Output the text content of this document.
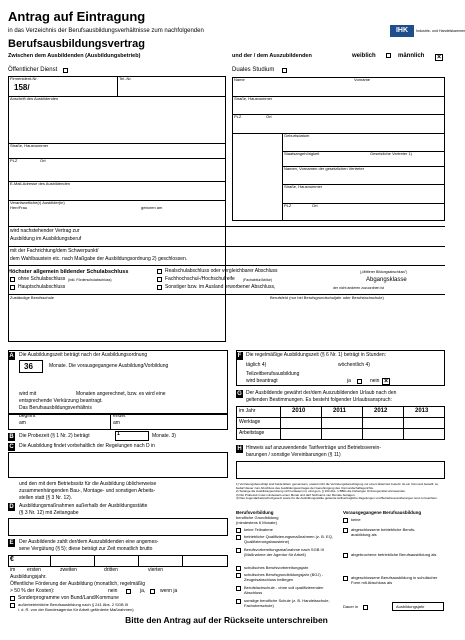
Antrag auf Eintragung
in das Verzeichnis der Berufsausbildungsverhältnisse zum nachfolgenden	IHK	Industrie- und Handelskammer
Berufsausbildungsvertrag
Zwischen dem Ausbildenden (Ausbildungsbetrieb)	und der / dem Auszubildenden	weiblich	männlich ×
Öffentlicher Dienst
Firmenident-Nr.
158/
Tel.-Nr.
Anschrift des Ausbildenden
Straße, Hausnummer
PLZ	Ort
E-Mail-Adresse des Ausbildenden
Verantwortliche(r) Ausbilder(in)
Herr/Frau	geboren am
Duales Studium
Name	Vorname
Straße, Hausnummer
PLZ	Ort
Geburtsdatum
Staatsangehörigkeit	Gesetzliche Vertreter 1)
Namen, Vornamen der gesetzlichen Vertreter
Straße, Hausnummer
PLZ	Ort
wird nachstehender Vertrag zur
Ausbildung im Ausbildungsberuf
mit der Fachrichtung/dem Schwerpunkt/
dem Wahlbaustein etc. nach Maßgabe der Ausbildungsordnung 2) geschlossen.
Höchster allgemein bildender Schulabschluss
ohne Schulabschluss (inkl. Förderschulabschluss)
Hauptschulabschluss
Realschulabschluss oder vergleichbarer Abschluss	(„Mittlerer Bildungsabschluss")
Fachhochschul-/Hochschulreife (Fachabitur/Abitur)	Abgangsklasse
Sonstiger bzw. im Ausland erworbener Abschluss,	der nicht anderen zuzuordnen ist
Zuständige Berufsschule	Berufsfeld (nur bei Berufsgrundschuljahr oder Berufsfachschule)
A Die Ausbildungszeit beträgt nach der Ausbildungsordnung
36	Monate. Die vorausgegangene Ausbildung/Vorbildung
wird mit	Monaten angerechnet, bzw. es wird eine
entsprechende Verkürzung beantragt.
Das Berufsausbildungsverhältnis
beginnt
am
endet
am
B Die Probezeit (§ 1 Nr. 2) beträgt	1	Monate. 3)
C Die Ausbildung findet vorbehaltlich der Regelungen nach D in
und den mit dem Betriebssitz für die Ausbildung üblicherweise
zusammenhängenden Bau-, Montage- und sonstigen Arbeits-
stellen statt (§ 3 Nr. 12).
D Ausbildungsmaßnahmen außerhalb der Ausbildungsstätte
(§ 3 Nr. 12) mit Zeitangabe
E	Der Ausbildende zahlt der/dem Auszubildenden eine angemes-
sene Vergütung (§ 5); diese beträgt zur Zeit monatlich brutto
€
im ersten	zweiten	dritten	vierten
Ausbildungsjahr.
Öffentliche Förderung der Ausbildung (monatlich, regelmäßig
> 50 % der Kosten):	nein	ja,	wenn ja
Sonderprogramme von Bund/Land/Kommune
außerbetriebliche Berufsausbildung nach § 241 Abs. 2 SGB III
i. d. R. von der Bundesagentur für Arbeit geförderte Maßnahmen)
F Die regelmäßige Ausbildungszeit (§ 6 Nr. 1) beträgt in Stunden:
täglich 4)	wöchentlich 4)
Teilzeitberufsausbildung
wird beantragt	ja	nein ×
G Der Ausbildende gewährt der/dem Auszubildenden Urlaub nach den
geltenden Bestimmungen. Es besteht folgender Urlaubsanspruch:
im Jahr	2010	2011	2012	2013
Werktage
Arbeitstage
H Hinweis auf anzuwendende Tarifverträge und Betriebsverein-
barungen / sonstige Vereinbarungen (§ 11)
1) Vertretungsberechtigt sind beide Eltern gemeinsam, soweit nicht die Vertretungsberechtigung nur einem Elternteil zusteht. Ist ein Vormund bestellt, so bedarf dieser zum Abschluss des Ausbildungsvertrages der Genehmigung des Vormundschaftsgerichts.
2) Solange die Ausbildungsordnung nicht erlassen ist, sind gem. § 104 Abs. 1 BBiG die bisherigen Ordnungsmittel anzuwenden.
3) Die Probezeit muss mindestens einen Monat und darf höchstens vier Monate betragen.
4) Das Jugendarbeitsschutzgesetz sowie für die Ausbildungsstätte geltende tarifvertragliche Regelungen und Betriebsvereinbarungen sind zu beachten.
Berufsvorbildung
berufliche Grundbildung
(mindestens 6 Monate)
keine Teilnahme
betriebliche Qualifizierungsmaßnahmen (z. B. EQ, Qualifizierungsbausteine)
Berufsvorbereitungsmaßnahme nach SGB III (Maßnahme der Agentur für Arbeit)
schulisches Berufsvorbereitungsjahr
schulisches Berufsgrundbildungsjahr (BGJ) - Zeugnisabschluss beiliegen
Berufsfachschule - ohne voll qualifizierenden Abschluss
sonstige berufliche Schule (z. B. Handelsschule, Fachoberschule)
Vorausgegangene Berufsausbildung
keine
abgeschlossene betriebliche Berufs-
ausbildung als
abgebrochene betriebliche Berufsausbildung als
abgeschlossene Berufsausbildung in schulischer Form mit Abschluss als
Dauer in	Ausbildungsjahr
Bitte den Antrag auf der Rückseite unterschreiben
